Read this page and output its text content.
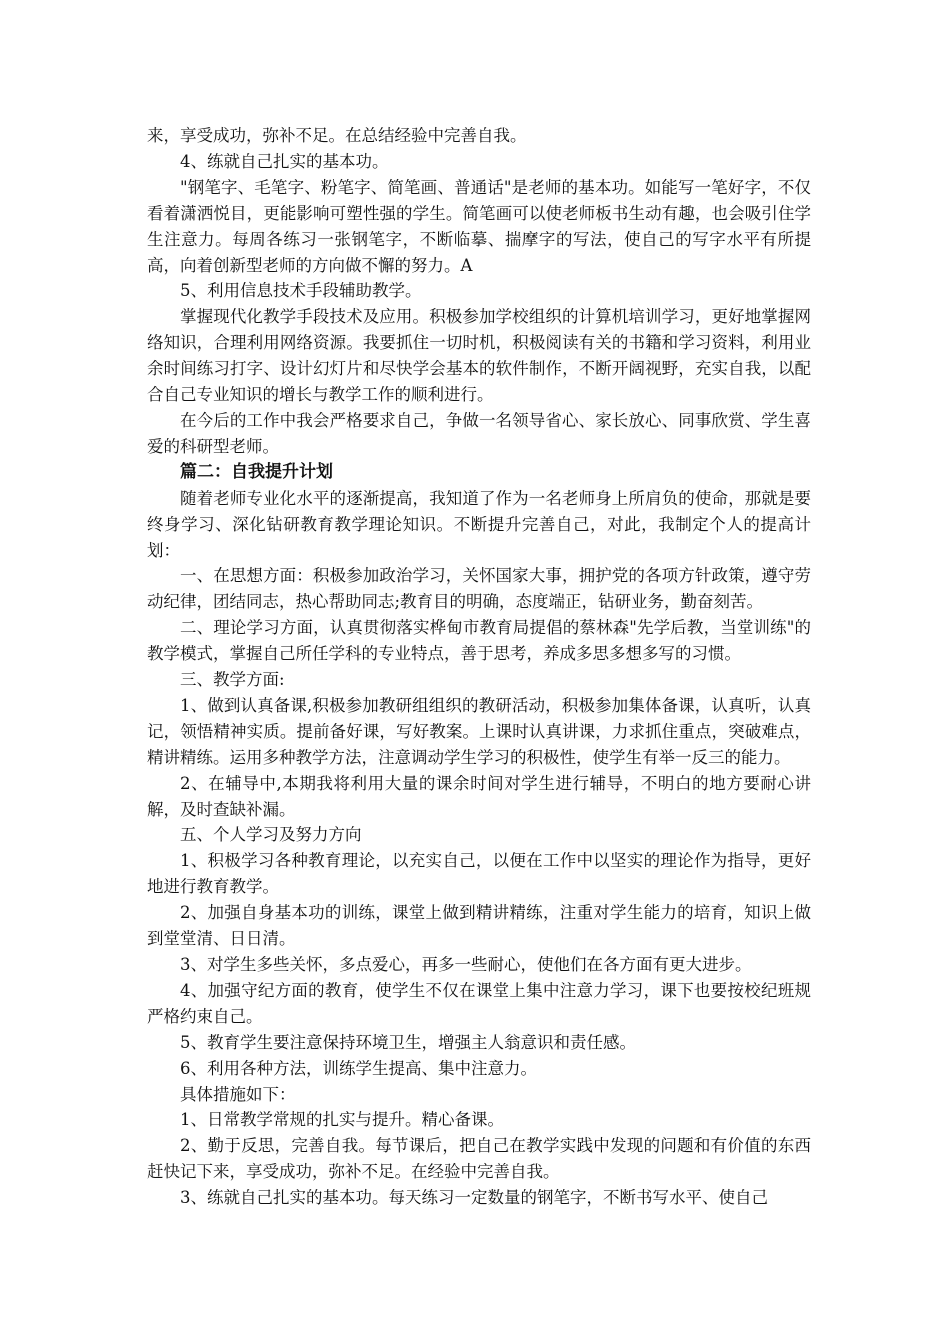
来，享受成功，弥补不足。在总结经验中完善自我。

4、练就自己扎实的基本功。

"钢笔字、毛笔字、粉笔字、简笔画、普通话"是老师的基本功。如能写一笔好字，不仅看着潇洒悦目，更能影响可塑性强的学生。简笔画可以使老师板书生动有趣，也会吸引住学生注意力。每周各练习一张钢笔字，不断临摹、揣摩字的写法，使自己的写字水平有所提高，向着创新型老师的方向做不懈的努力。A

5、利用信息技术手段辅助教学。

掌握现代化教学手段技术及应用。积极参加学校组织的计算机培训学习，更好地掌握网络知识，合理利用网络资源。我要抓住一切时机，积极阅读有关的书籍和学习资料，利用业余时间练习打字、设计幻灯片和尽快学会基本的软件制作，不断开阔视野，充实自我，以配合自己专业知识的增长与教学工作的顺利进行。

在今后的工作中我会严格要求自己，争做一名领导省心、家长放心、同事欣赏、学生喜爱的科研型老师。

篇二：自我提升计划

随着老师专业化水平的逐渐提高，我知道了作为一名老师身上所肩负的使命，那就是要终身学习、深化钻研教育教学理论知识。不断提升完善自己，对此，我制定个人的提高计划：

一、在思想方面：积极参加政治学习，关怀国家大事，拥护党的各项方针政策，遵守劳动纪律，团结同志，热心帮助同志;教育目的明确，态度端正，钻研业务，勤奋刻苦。

二、理论学习方面，认真贯彻落实桦甸市教育局提倡的蔡林森"先学后教，当堂训练"的教学模式，掌握自己所任学科的专业特点，善于思考，养成多思多想多写的习惯。

三、教学方面:

1、做到认真备课,积极参加教研组组织的教研活动，积极参加集体备课，认真听，认真记，领悟精神实质。提前备好课，写好教案。上课时认真讲课，力求抓住重点，突破难点，精讲精练。运用多种教学方法，注意调动学生学习的积极性，使学生有举一反三的能力。

2、在辅导中,本期我将利用大量的课余时间对学生进行辅导，不明白的地方要耐心讲解，及时查缺补漏。

五、个人学习及努力方向

1、积极学习各种教育理论，以充实自己，以便在工作中以坚实的理论作为指导，更好地进行教育教学。

2、加强自身基本功的训练，课堂上做到精讲精练，注重对学生能力的培育，知识上做到堂堂清、日日清。

3、对学生多些关怀，多点爱心，再多一些耐心，使他们在各方面有更大进步。

4、加强守纪方面的教育，使学生不仅在课堂上集中注意力学习，课下也要按校纪班规严格约束自己。

5、教育学生要注意保持环境卫生，增强主人翁意识和责任感。

6、利用各种方法，训练学生提高、集中注意力。

具体措施如下：

1、日常教学常规的扎实与提升。精心备课。

2、勤于反思，完善自我。每节课后，把自己在教学实践中发现的问题和有价值的东西赶快记下来，享受成功，弥补不足。在经验中完善自我。

3、练就自己扎实的基本功。每天练习一定数量的钢笔字，不断书写水平、使自己
